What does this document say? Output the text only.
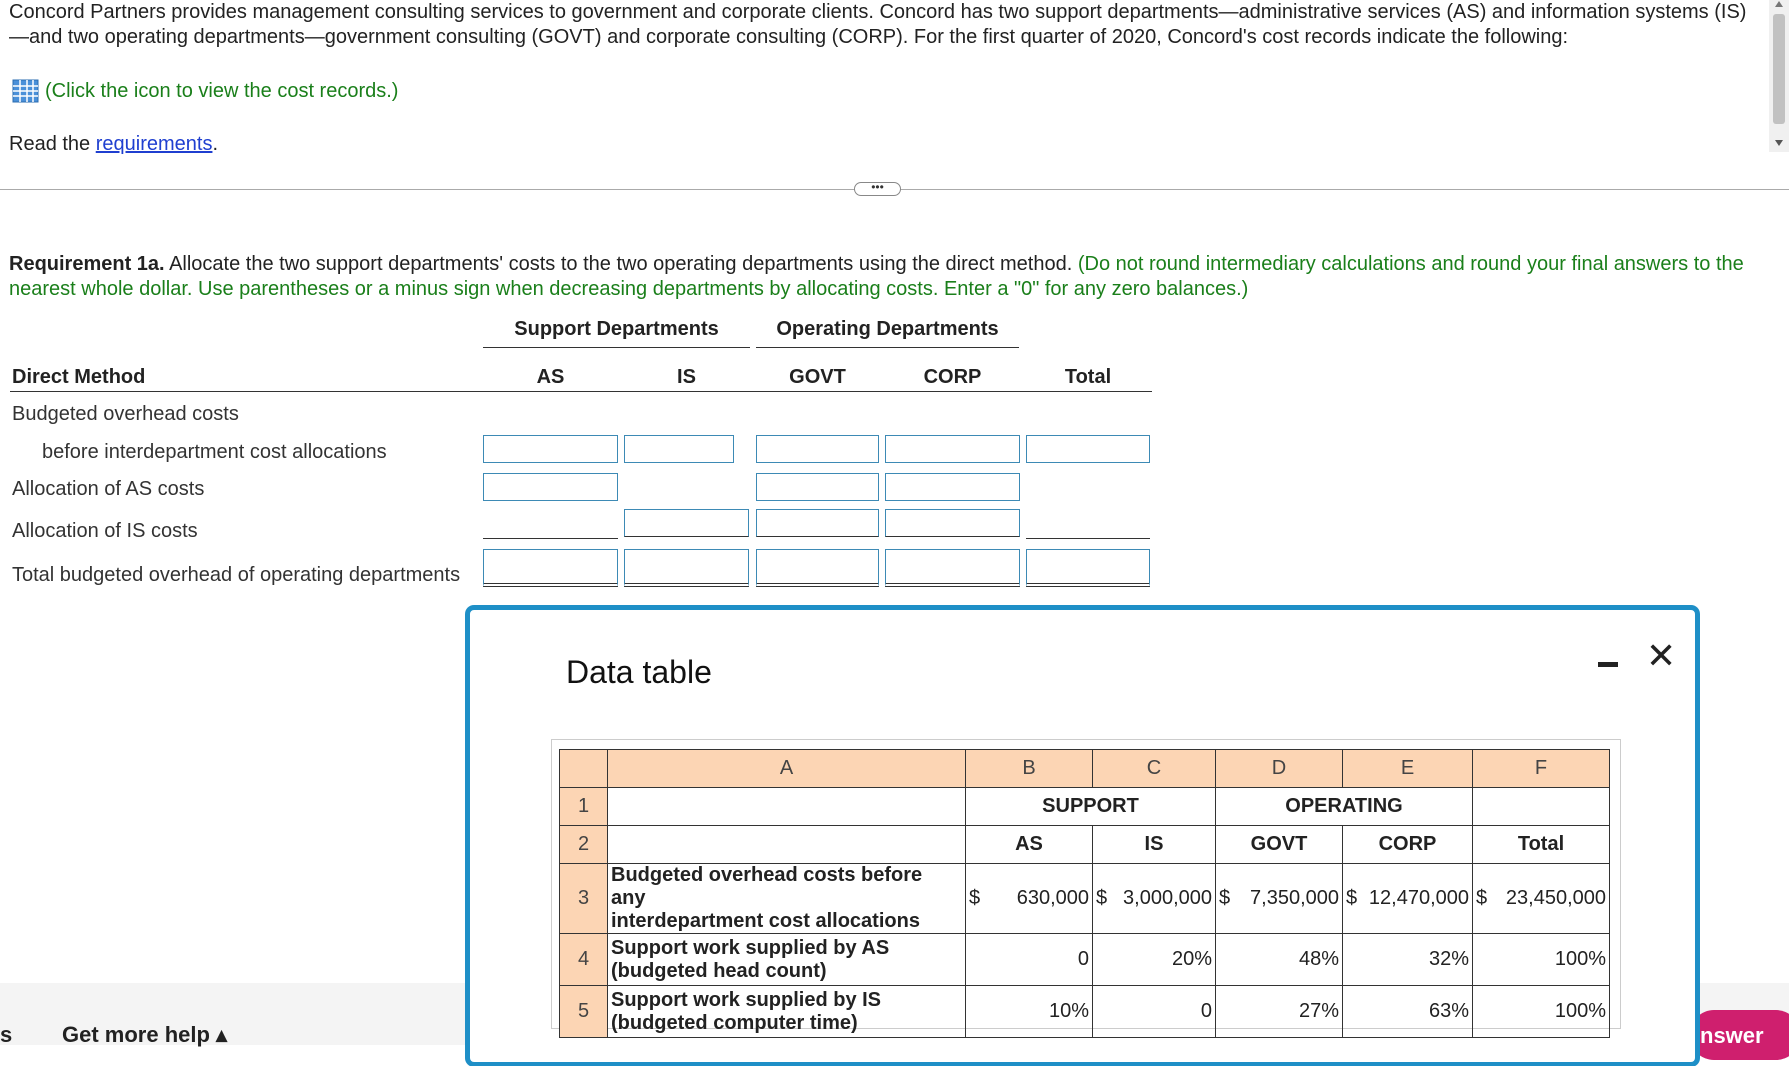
Concord Partners provides management consulting services to government and corporate clients. Concord has two support departments—administrative services (AS) and information systems (IS)—and two operating departments—government consulting (GOVT) and corporate consulting (CORP). For the first quarter of 2020, Concord's cost records indicate the following:
(Click the icon to view the cost records.)
Read the requirements.
•••
Requirement 1a. Allocate the two support departments' costs to the two operating departments using the direct method. (Do not round intermediary calculations and round your final answers to the nearest whole dollar. Use parentheses or a minus sign when decreasing departments by allocating costs. Enter a "0" for any zero balances.)
Support Departments	Operating Departments
Direct Method	AS	IS	GOVT	CORP	Total
Budgeted overhead costs
before interdepartment cost allocations
Allocation of AS costs
Allocation of IS costs
Total budgeted overhead of operating departments
s Get more help ▴	nswer
Data table	✕
	A	B	C	D	E	F
1		SUPPORT		OPERATING		
2		AS	IS	GOVT	CORP	Total
3	Budgeted overhead costs before any
interdepartment cost allocations	$ 630,000	$ 3,000,000	$ 7,350,000	$ 12,470,000	$ 23,450,000
4	Support work supplied by AS
(budgeted head count)	0	20%	48%	32%	100%
5	Support work supplied by IS
(budgeted computer time)	10%	0	27%	63%	100%
